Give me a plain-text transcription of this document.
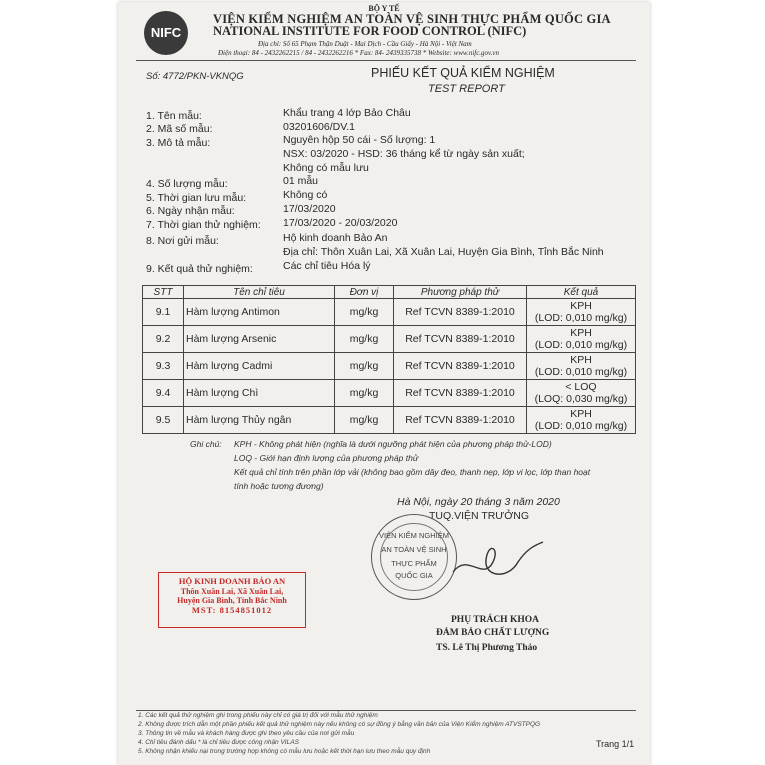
NIFC
BỘ Y TẾ
VIỆN KIỂM NGHIỆM AN TOÀN VỆ SINH THỰC PHẨM QUỐC GIA
NATIONAL INSTITUTE FOR FOOD CONTROL (NIFC)
Địa chỉ: Số 65 Phạm Thận Duật - Mai Dịch - Cầu Giấy - Hà Nội - Việt Nam
Điện thoại: 84 - 2432262215 / 84 - 2432262216 * Fax: 84- 2439335738 * Website: www.nifc.gov.vn
Số: 4772/PKN-VKNQG	PHIẾU KẾT QUẢ KIỂM NGHIỆM
TEST REPORT
1. Tên mẫu:	Khẩu trang 4 lớp Bảo Châu
2. Mã số mẫu:	03201606/DV.1
3. Mô tả mẫu:	Nguyên hộp 50 cái - Số lượng: 1
NSX: 03/2020 - HSD: 36 tháng kể từ ngày sản xuất;
Không có mẫu lưu
4. Số lượng mẫu:	01 mẫu
5. Thời gian lưu mẫu:	Không có
6. Ngày nhận mẫu:	17/03/2020
7. Thời gian thử nghiệm: 17/03/2020 - 20/03/2020
8. Nơi gửi mẫu:	Hộ kinh doanh Bảo An
Địa chỉ: Thôn Xuân Lai, Xã Xuân Lai, Huyện Gia Bình, Tỉnh Bắc Ninh
9. Kết quả thử nghiệm:	Các chỉ tiêu Hóa lý
STT	Tên chỉ tiêu	Đơn vị	Phương pháp thử	Kết quả
9.1	Hàm lượng Antimon	mg/kg	Ref TCVN 8389-1:2010	KPH
(LOD: 0,010 mg/kg)

9.2	Hàm lượng Arsenic	mg/kg	Ref TCVN 8389-1:2010	KPH
(LOD: 0,010 mg/kg)

9.3	Hàm lượng Cadmi	mg/kg	Ref TCVN 8389-1:2010	KPH
(LOD: 0,010 mg/kg)

9.4	Hàm lượng Chì	mg/kg	Ref TCVN 8389-1:2010	< LOQ
(LOQ: 0,030 mg/kg)

9.5	Hàm lượng Thủy ngân	mg/kg	Ref TCVN 8389-1:2010	KPH
(LOD: 0,010 mg/kg)
Ghi chú: KPH - Không phát hiện (nghĩa là dưới ngưỡng phát hiện của phương pháp thử-LOD)
LOQ - Giới hạn định lượng của phương pháp thử
Kết quả chỉ tính trên phần lớp vải (không bao gồm dây đeo, thanh nẹp, lớp vi lọc, lớp than hoạt
tính hoặc tương đương)
Hà Nội, ngày 20 tháng 3 năm 2020
TUQ.VIỆN TRƯỞNG
VIỆN KIỂM NGHIỆM
AN TOÀN VỆ SINH
THỰC PHẨM
QUỐC GIA
PHỤ TRÁCH KHOA
ĐẢM BẢO CHẤT LƯỢNG
TS. Lê Thị Phương Thảo
HỘ KINH DOANH BẢO AN
Thôn Xuân Lai, Xã Xuân Lai,
Huyện Gia Bình, Tỉnh Bắc Ninh
MST: 8154851012
1. Các kết quả thử nghiệm ghi trong phiếu này chỉ có giá trị đối với mẫu thử nghiệm
2. Không được trích dẫn một phần phiếu kết quả thử nghiệm này nếu không có sự đồng ý bằng văn bản của Viện Kiểm nghiệm ATVSTPQG
3. Thông tin về mẫu và khách hàng được ghi theo yêu cầu của nơi gửi mẫu
4. Chỉ tiêu đánh dấu * là chỉ tiêu được công nhận VILAS
5. Không nhận khiếu nại trong trường hợp không có mẫu lưu hoặc kết thời hạn lưu theo mẫu quy định
Trang 1/1
